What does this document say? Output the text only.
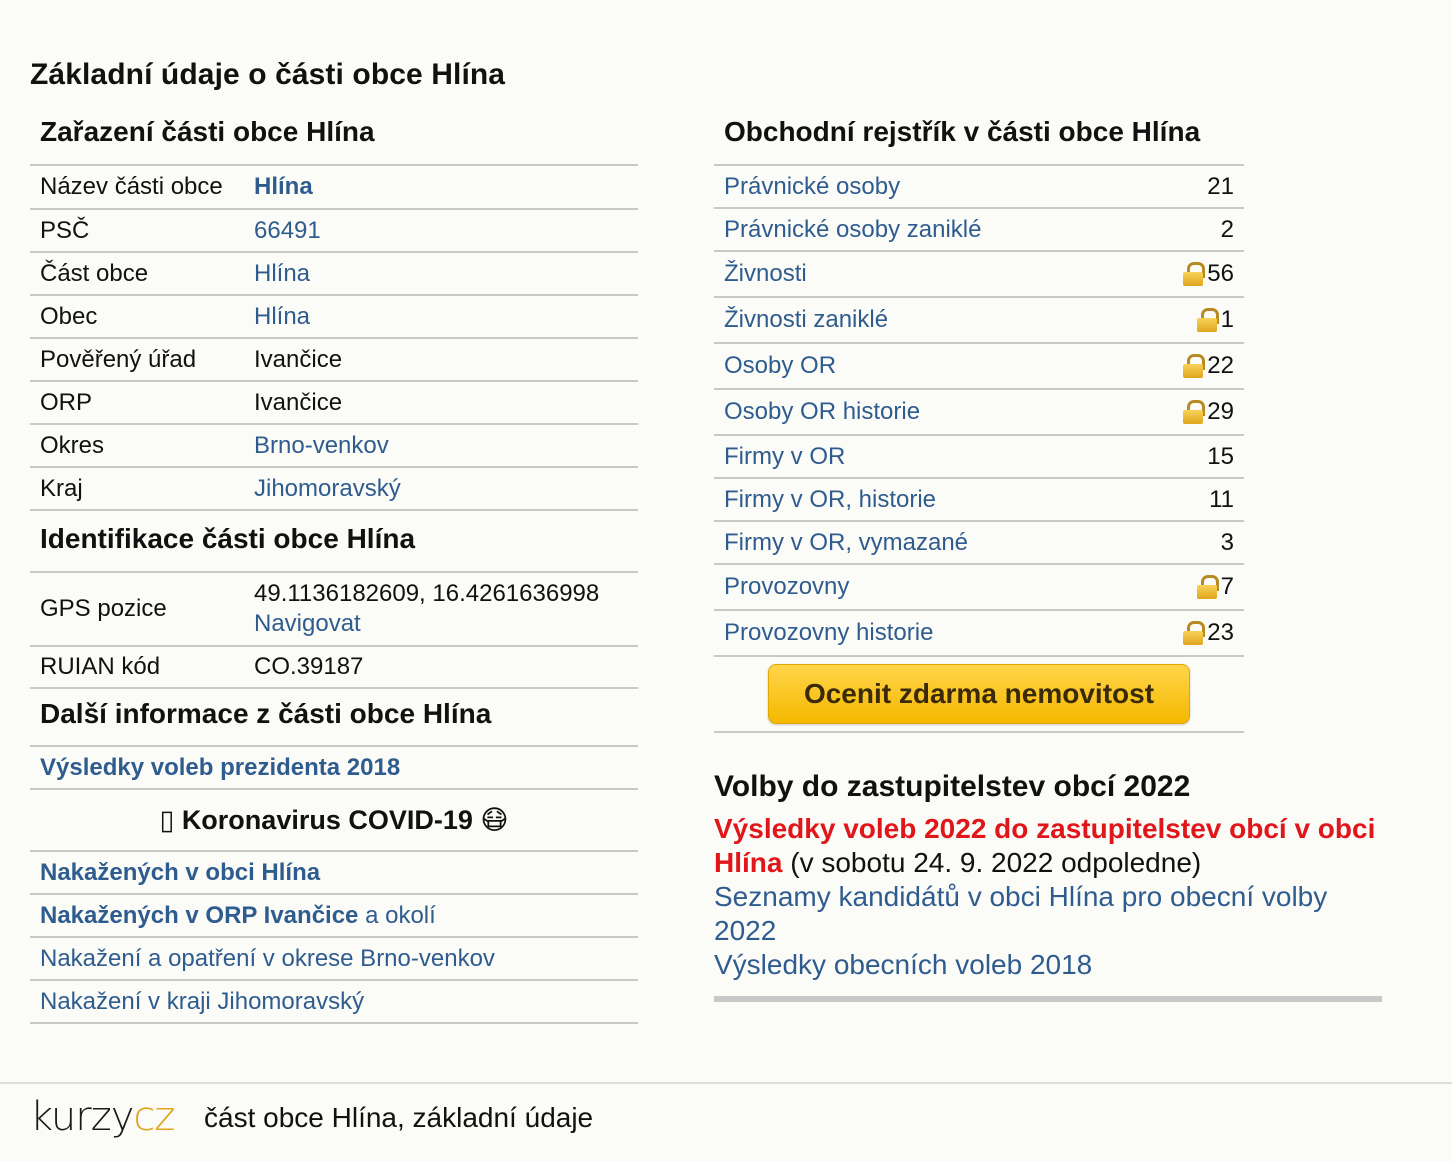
Základní údaje o části obce Hlína
Zařazení části obce Hlína
Název části obce	Hlína
PSČ	66491
Část obce	Hlína
Obec	Hlína
Pověřený úřad	Ivančice
ORP	Ivančice
Okres	Brno-venkov
Kraj	Jihomoravský
Identifikace části obce Hlína
GPS pozice	49.1136182609, 16.4261636998
Navigovat
RUIAN kód	CO.39187
Další informace z části obce Hlína
Výsledky voleb prezidenta 2018
▯ Koronavirus COVID-19 😷
Nakažených v obci Hlína
Nakažených v ORP Ivančice a okolí
Nakažení a opatření v okrese Brno-venkov
Nakažení v kraji Jihomoravský
Obchodní rejstřík v části obce Hlína
Právnické osoby	21
Právnické osoby zaniklé	2
Živnosti	56
Živnosti zaniklé	1
Osoby OR	22
Osoby OR historie	29
Firmy v OR	15
Firmy v OR, historie	11
Firmy v OR, vymazané	3
Provozovny	7
Provozovny historie	23
Ocenit zdarma nemovitost
Volby do zastupitelstev obcí 2022
Výsledky voleb 2022 do zastupitelstev obcí v obci Hlína (v sobotu 24. 9. 2022 odpoledne)
Seznamy kandidátů v obci Hlína pro obecní volby 2022
Výsledky obecních voleb 2018
kurzycz část obce Hlína, základní údaje
